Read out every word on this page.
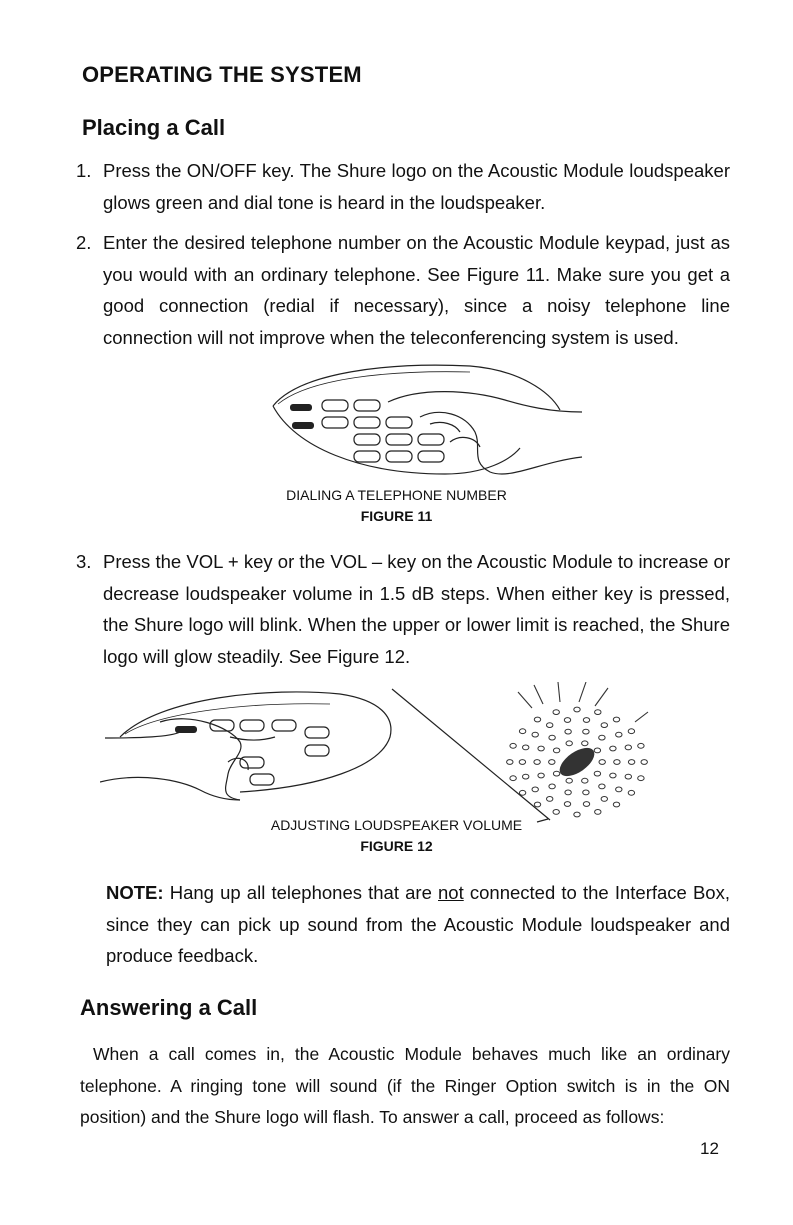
OPERATING THE SYSTEM
Placing a Call
1. Press the ON/OFF key. The Shure logo on the Acoustic Module loudspeaker glows green and dial tone is heard in the loudspeaker.
2. Enter the desired telephone number on the Acoustic Module keypad, just as you would with an ordinary telephone. See Figure 11. Make sure you get a good connection (redial if necessary), since a noisy telephone line connection will not improve when the teleconferencing system is used.
DIALING A TELEPHONE NUMBER
FIGURE 11
3. Press the VOL + key or the VOL – key on the Acoustic Module to increase or decrease loudspeaker volume in 1.5 dB steps. When either key is pressed, the Shure logo will blink. When the upper or lower limit is reached, the Shure logo will glow steadily. See Figure 12.
ADJUSTING LOUDSPEAKER VOLUME
FIGURE 12
NOTE: Hang up all telephones that are not connected to the Interface Box, since they can pick up sound from the Acoustic Module loudspeaker and produce feedback.
Answering a Call
When a call comes in, the Acoustic Module behaves much like an ordinary telephone. A ringing tone will sound (if the Ringer Option switch is in the ON position) and the Shure logo will flash. To answer a call, proceed as follows:
12
